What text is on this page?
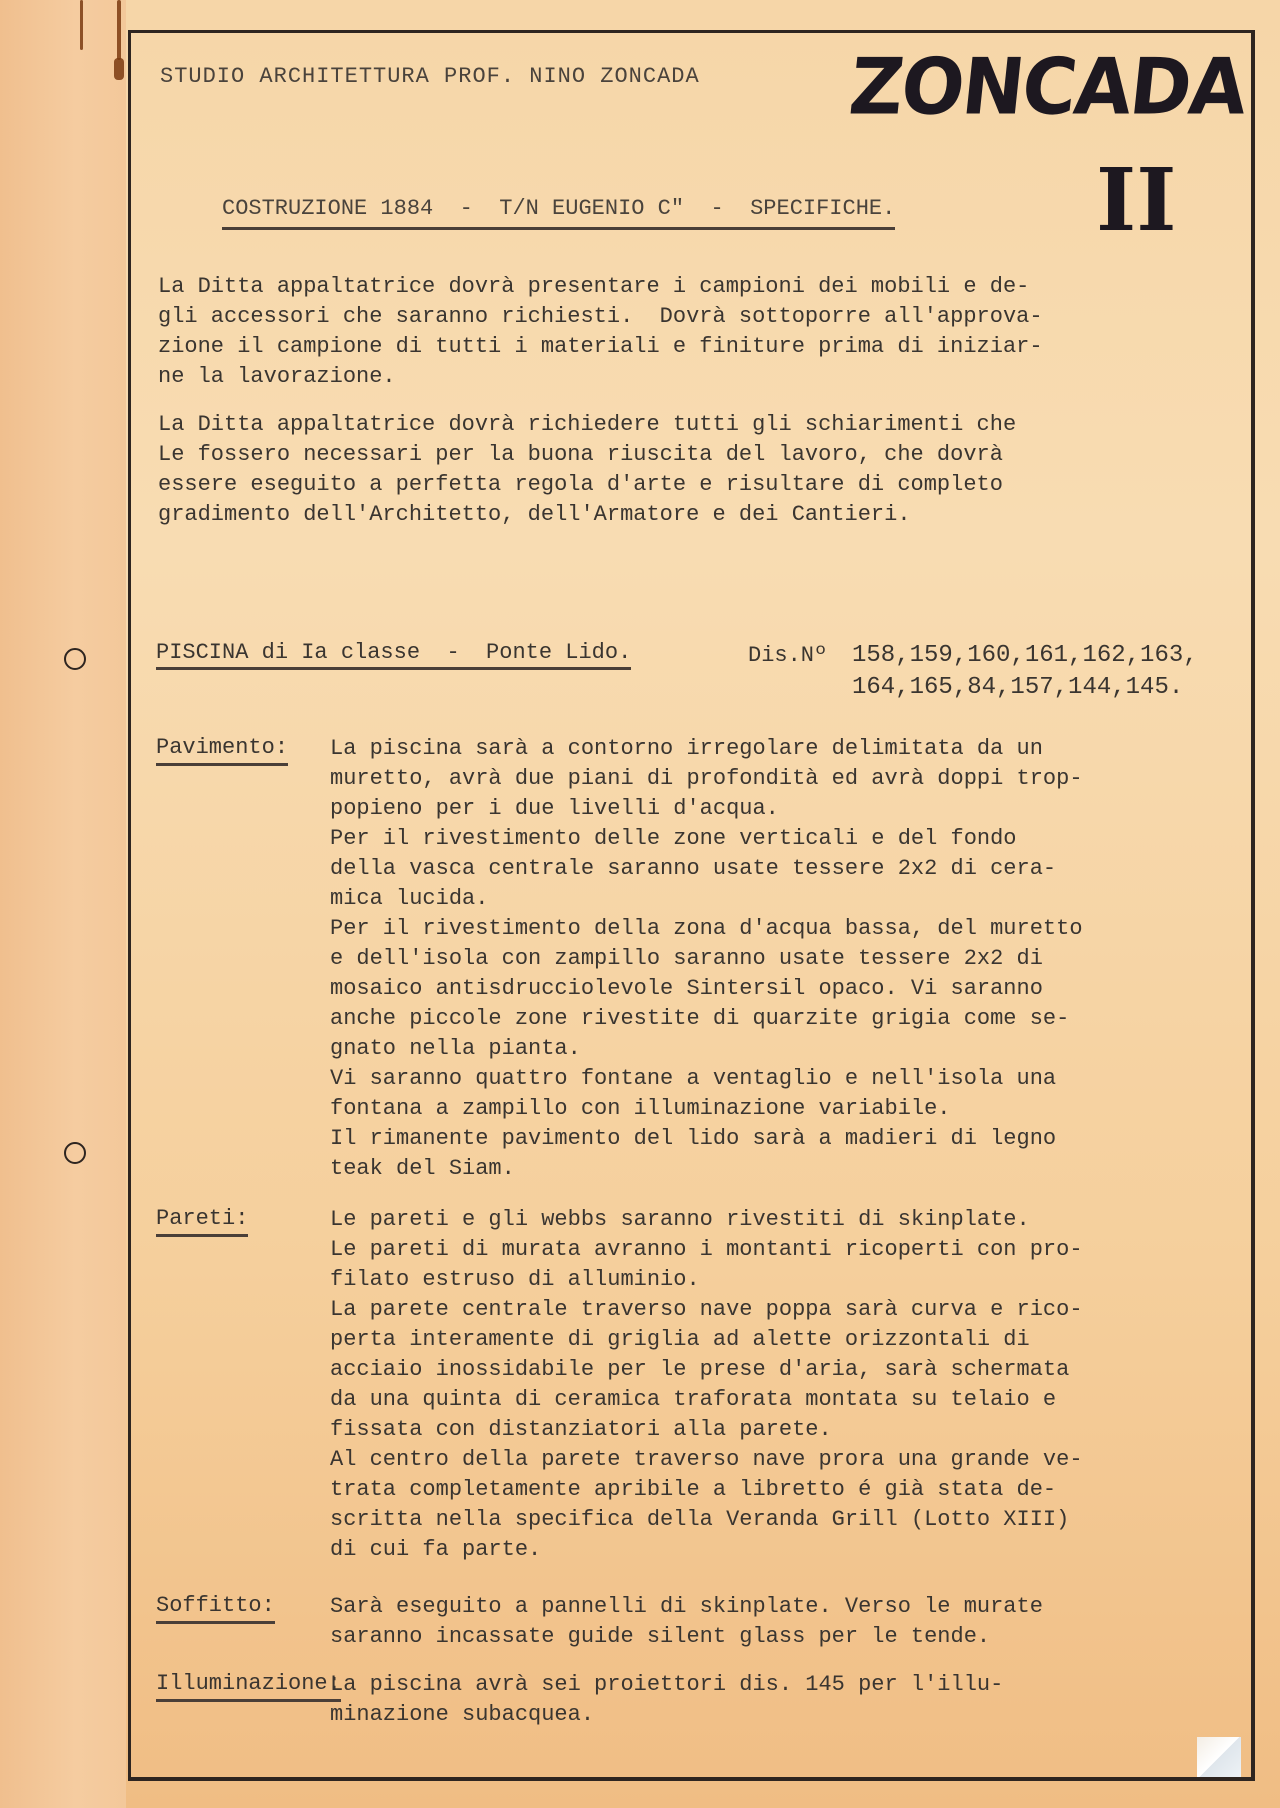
STUDIO ARCHITETTURA PROF. NINO ZONCADA ZONCADA
II
COSTRUZIONE 1884  -  T/N EUGENIO C"  -  SPECIFICHE.
La Ditta appaltatrice dovrà presentare i campioni dei mobili e de-
gli accessori che saranno richiesti.  Dovrà sottoporre all'approva-
zione il campione di tutti i materiali e finiture prima di iniziar-
ne la lavorazione.
La Ditta appaltatrice dovrà richiedere tutti gli schiarimenti che
Le fossero necessari per la buona riuscita del lavoro, che dovrà
essere eseguito a perfetta regola d'arte e risultare di completo
gradimento dell'Architetto, dell'Armatore e dei Cantieri.
PISCINA di Ia classe  -  Ponte Lido.	Dis.Nº 158,159,160,161,162,163,
164,165,84,157,144,145.
Pavimento: La piscina sarà a contorno irregolare delimitata da un
muretto, avrà due piani di profondità ed avrà doppi trop-
popieno per i due livelli d'acqua.
Per il rivestimento delle zone verticali e del fondo
della vasca centrale saranno usate tessere 2x2 di cera-
mica lucida.
Per il rivestimento della zona d'acqua bassa, del muretto
e dell'isola con zampillo saranno usate tessere 2x2 di
mosaico antisdrucciolevole Sintersil opaco. Vi saranno
anche piccole zone rivestite di quarzite grigia come se-
gnato nella pianta.
Vi saranno quattro fontane a ventaglio e nell'isola una
fontana a zampillo con illuminazione variabile.
Il rimanente pavimento del lido sarà a madieri di legno
teak del Siam.
Pareti:	Le pareti e gli webbs saranno rivestiti di skinplate.
Le pareti di murata avranno i montanti ricoperti con pro-
filato estruso di alluminio.
La parete centrale traverso nave poppa sarà curva e rico-
perta interamente di griglia ad alette orizzontali di
acciaio inossidabile per le prese d'aria, sarà schermata
da una quinta di ceramica traforata montata su telaio e
fissata con distanziatori alla parete.
Al centro della parete traverso nave prora una grande ve-
trata completamente apribile a libretto é già stata de-
scritta nella specifica della Veranda Grill (Lotto XIII)
di cui fa parte.
Soffitto:	Sarà eseguito a pannelli di skinplate. Verso le murate
saranno incassate guide silent glass per le tende.
Illuminazione:
La piscina avrà sei proiettori dis. 145 per l'illu-
minazione subacquea.
